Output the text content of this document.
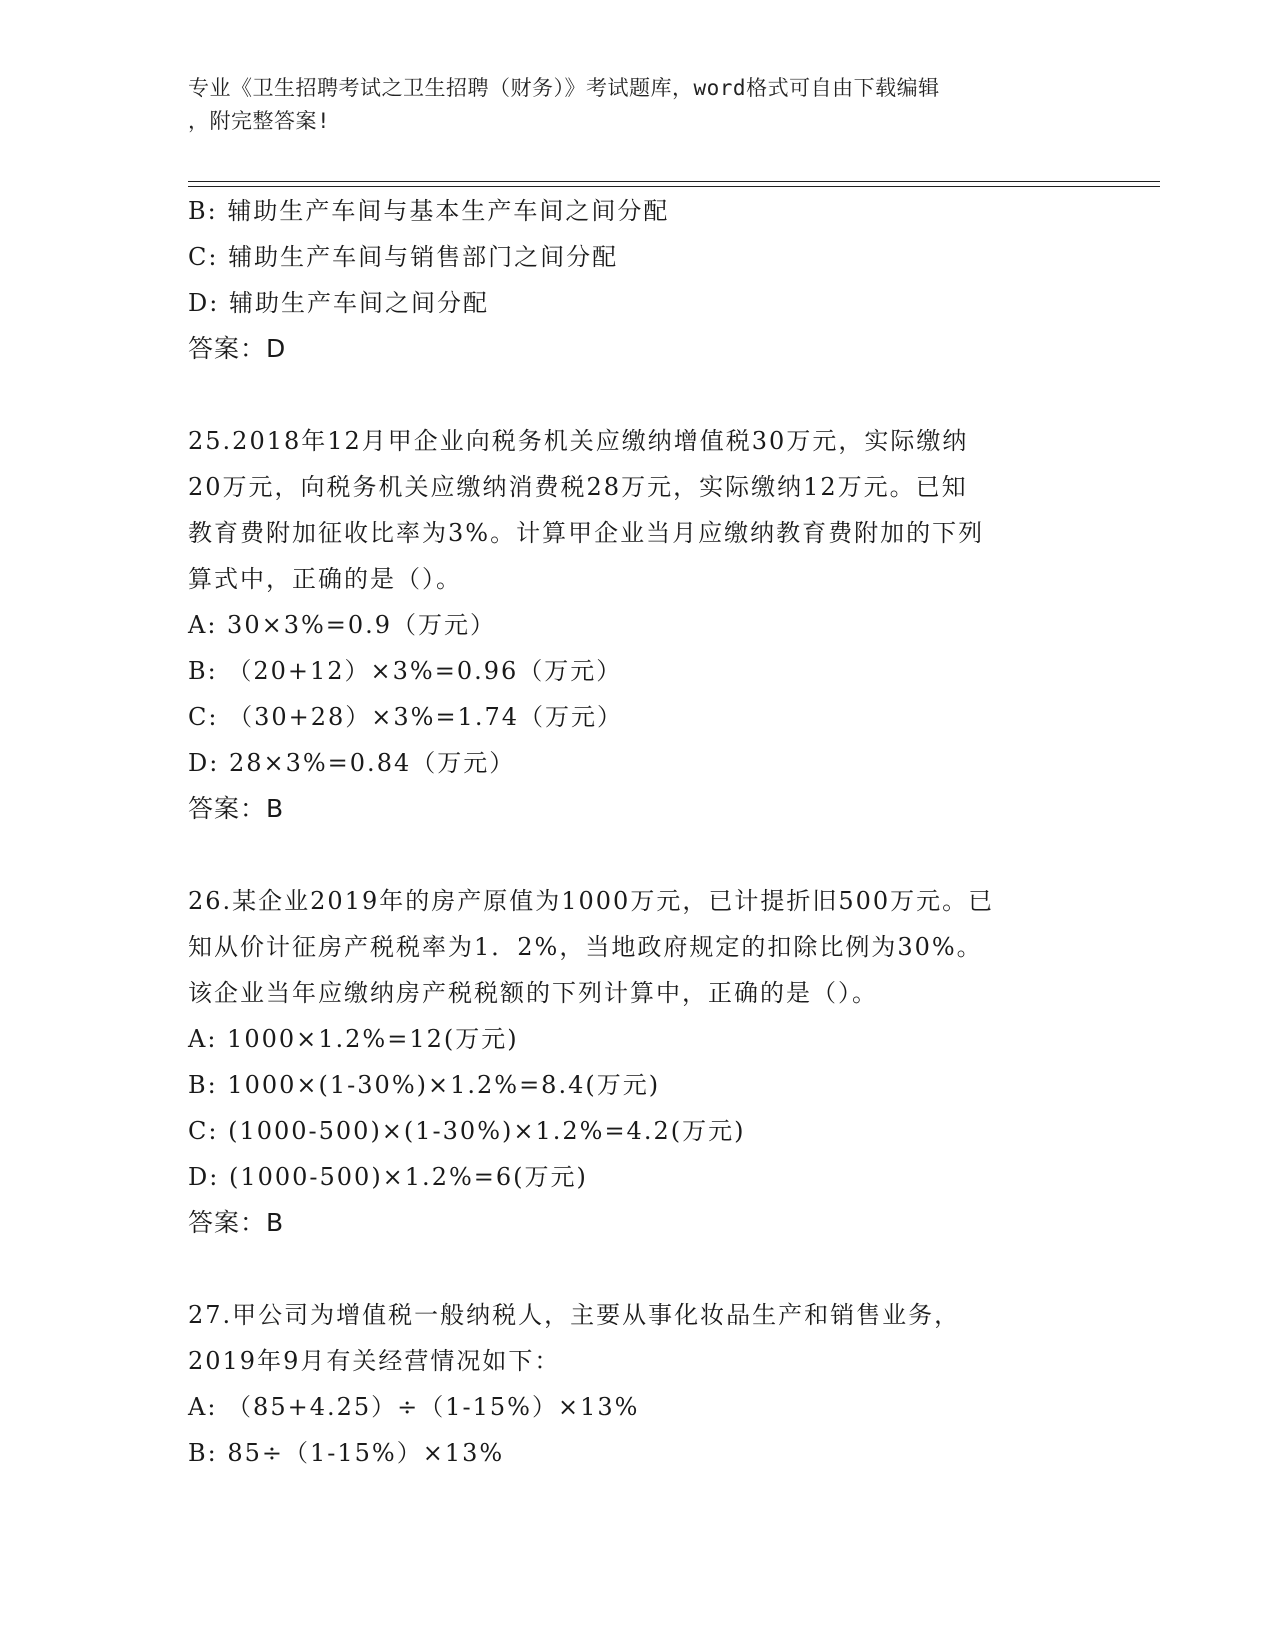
专业《卫生招聘考试之卫生招聘（财务）》考试题库，word格式可自由下载编辑
，附完整答案!
B: 辅助生产车间与基本生产车间之间分配
C: 辅助生产车间与销售部门之间分配
D: 辅助生产车间之间分配
答案：D
25.2018年12月甲企业向税务机关应缴纳增值税30万元，实际缴纳
20万元，向税务机关应缴纳消费税28万元，实际缴纳12万元。已知
教育费附加征收比率为3%。计算甲企业当月应缴纳教育费附加的下列
算式中，正确的是（）。
A: 30×3%=0.9（万元）
B: （20+12）×3%=0.96（万元）
C: （30+28）×3%=1.74（万元）
D: 28×3%=0.84（万元）
答案：B
26.某企业2019年的房产原值为1000万元，已计提折旧500万元。已
知从价计征房产税税率为1．2%，当地政府规定的扣除比例为30%。
该企业当年应缴纳房产税税额的下列计算中，正确的是（）。
A: 1000×1.2%=12(万元)
B: 1000×(1-30%)×1.2%=8.4(万元)
C: (1000-500)×(1-30%)×1.2%=4.2(万元)
D: (1000-500)×1.2%=6(万元)
答案：B
27.甲公司为增值税一般纳税人，主要从事化妆品生产和销售业务，
2019年9月有关经营情况如下：
A: （85+4.25）÷（1-15%）×13%
B: 85÷（1-15%）×13%
